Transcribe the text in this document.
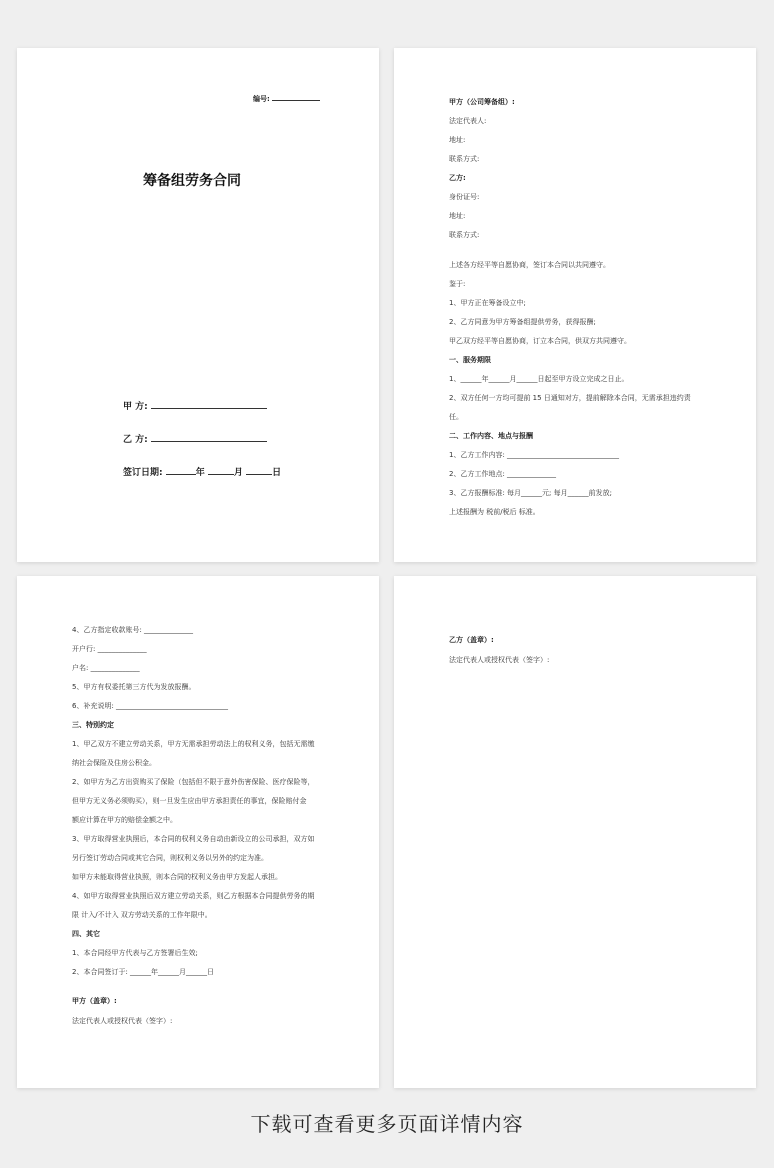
编号:
筹备组劳务合同
甲 方:
乙 方:
签订日期:	年	月	日
甲方（公司筹备组）:
法定代表人:
地址:
联系方式:
乙方:
身份证号:
地址:
联系方式:
上述各方经平等自愿协商，签订本合同以共同遵守。
鉴于:
1、甲方正在筹备设立中;
2、乙方同意为甲方筹备组提供劳务，获得报酬;
甲乙双方经平等自愿协商，订立本合同，供双方共同遵守。
一、服务期限
1、______年______月______日起至甲方设立完成之日止。
2、双方任何一方均可提前 15 日通知对方，提前解除本合同，无需承担违约责
任。
二、工作内容、地点与报酬
1、乙方工作内容: ________________________________
2、乙方工作地点: ______________
3、乙方报酬标准: 每月______元; 每月______前发放;
上述报酬为 税前/税后 标准。
甲方（盖章）:
法定代表人或授权代表（签字）:
4、乙方指定收款账号: ______________
开户行: ______________
户名: ______________
5、甲方有权委托第三方代为发放报酬。
6、补充说明: ________________________________
三、特别约定
1、甲乙双方不建立劳动关系，甲方无需承担劳动法上的权利义务，包括无需缴
纳社会保险及住房公积金。
2、如甲方为乙方出资购买了保险（包括但不限于意外伤害保险、医疗保险等，
但甲方无义务必须购买），则一旦发生应由甲方承担责任的事宜，保险赔付金
额应计算在甲方的赔偿金额之中。
3、甲方取得营业执照后，本合同的权利义务自动由新设立的公司承担，双方如
另行签订劳动合同或其它合同，则权利义务以另外的约定为准。
如甲方未能取得营业执照，则本合同的权利义务由甲方发起人承担。
4、如甲方取得营业执照后双方建立劳动关系，则乙方根据本合同提供劳务的期
限 计入/不计入 双方劳动关系的工作年限中。
四、其它
1、本合同经甲方代表与乙方签署后生效;
2、本合同签订于: ______年______月______日
乙方（盖章）:
法定代表人或授权代表（签字）:
下载可查看更多页面详情内容
